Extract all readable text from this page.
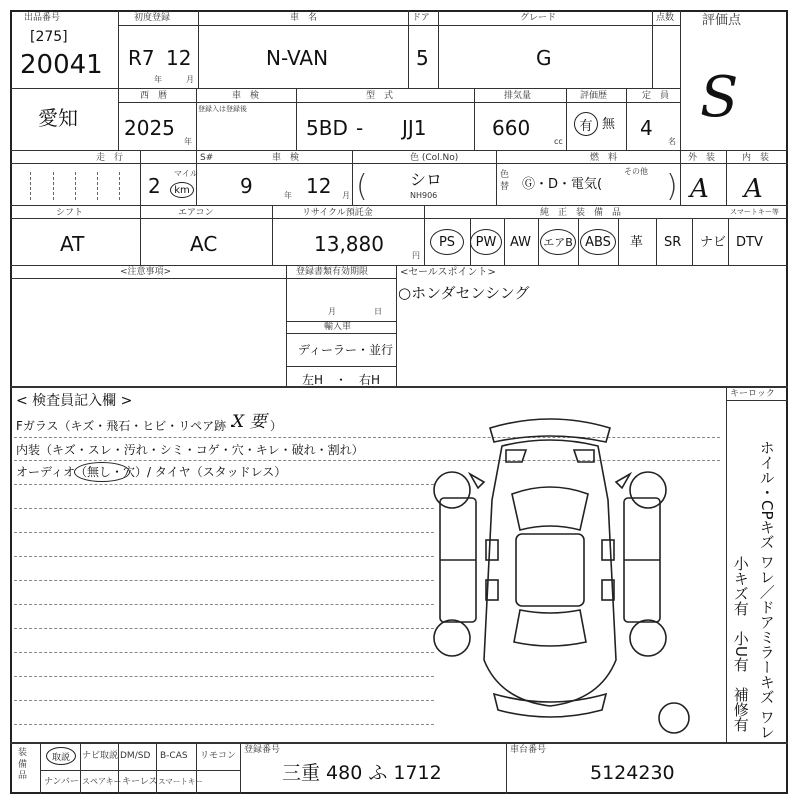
出品番号
[275]
20041
初度登録
R7 12
年	月
車　名
N-VAN
ドア
5
グレード
G
点数 評価点
S
愛知
西　暦
2025
年
車　検
登録入は登録後
型　式
5BD - JJ1
排気量
660
cc
評価歴
有 無
定　員
4
名
走　行
2
マイル
km
S#	車　検
9	年 12 月
色 (Col.No)
(	シロ
NH906
色替
燃　料
Ⓖ・D・電気(
その他 )
外　装
A
内　装
A
シフト
AT
エアコン
AC
リサイクル預託金
13,880	円
純　正　装　備　品	スマートキー等
PS PW AW エアB ABS 革 SR ナビ DTV
<注意事項>	登録書類有効期限
月	日
輸入車
ディーラー・並行
左H　・　右H
<セールスポイント>
○ホンダセンシング
< 検査員記入欄 >
Fガラス（キズ・飛石・ヒビ・リペア跡・
X 要 ）
内装（キズ・スレ・汚れ・シミ・コゲ・穴・キレ・破れ・割れ）
オーディオ（無し・穴）/ タイヤ（スタッドレス）
キーロック
ホイル・CPキズ ワレ／ドアミラーキズ ワレ
小キズ有　小U有　補修有
装備品
取説 ナビ取説 DM/SD B-CAS リモコン
ナンバー スペアキー キーレス スマートキー
登録番号
三重 480 ふ 1712
車台番号
5124230
